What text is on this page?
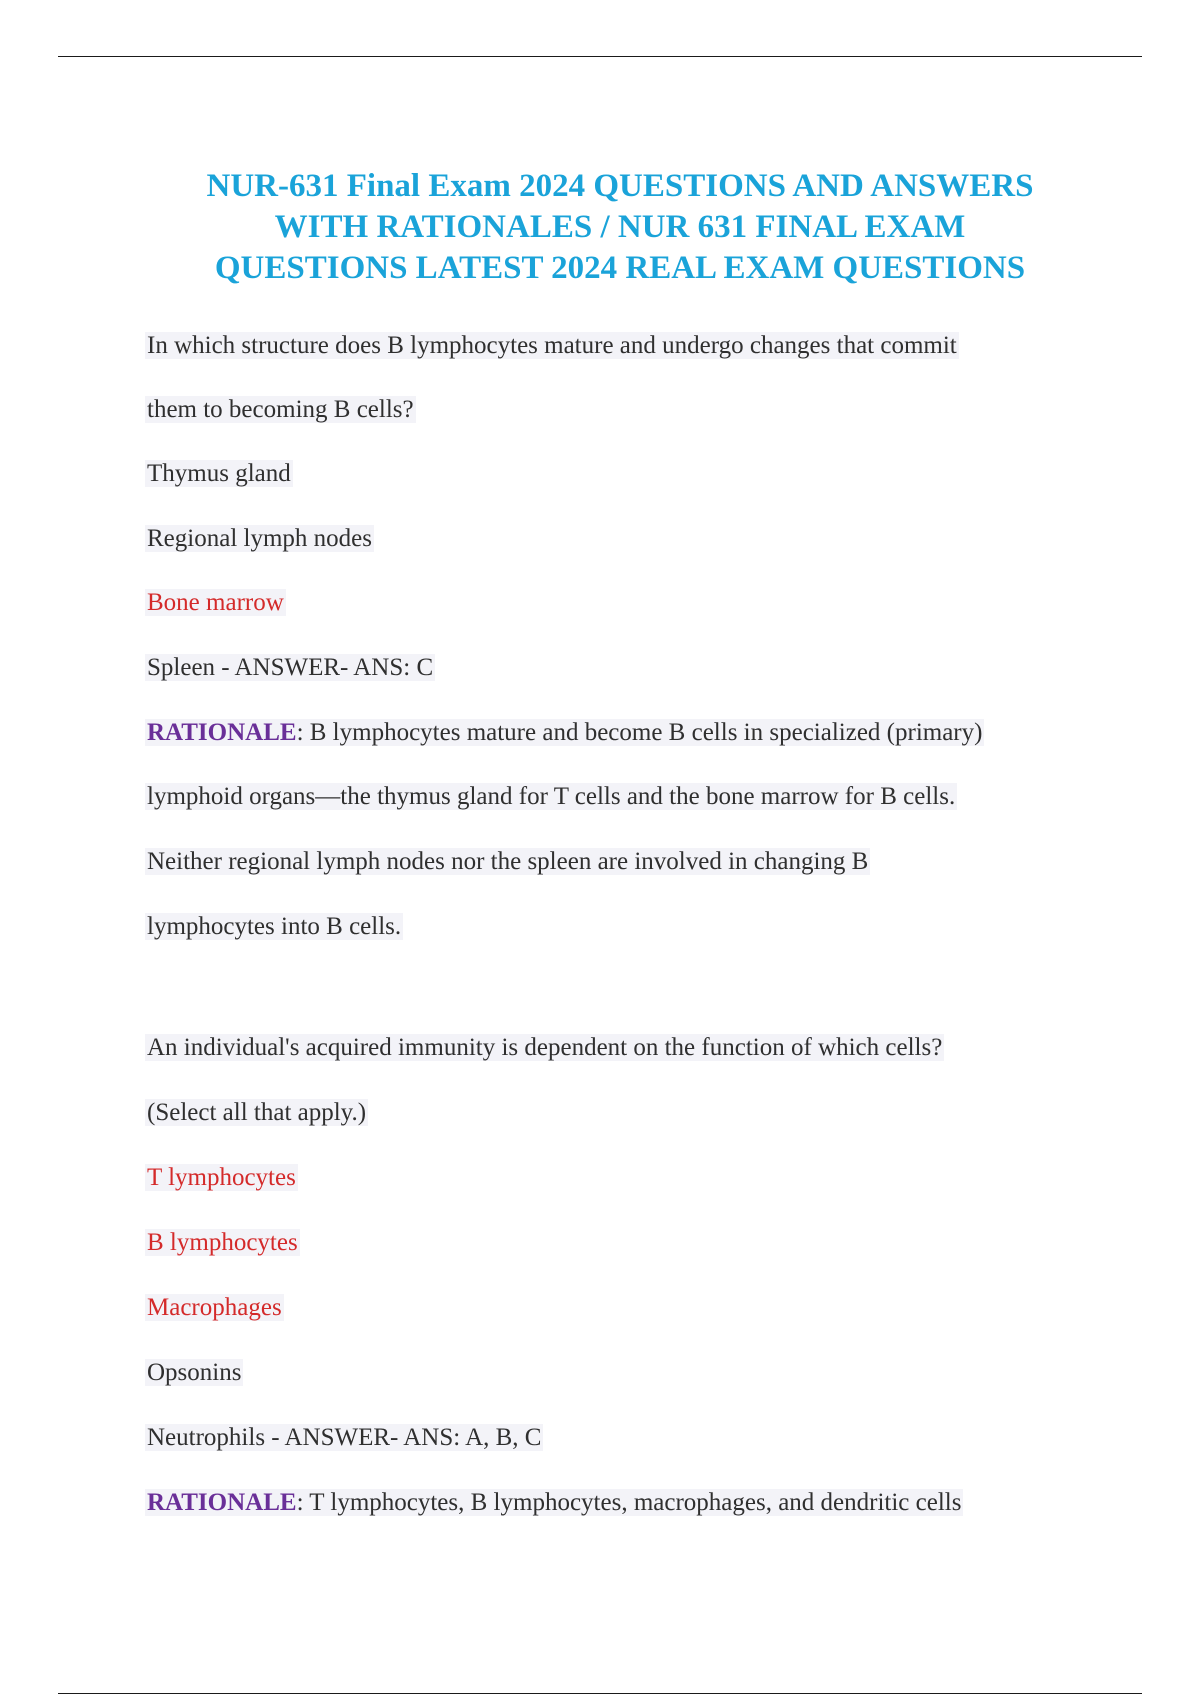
NUR-631 Final Exam 2024 QUESTIONS AND ANSWERS
WITH RATIONALES / NUR 631 FINAL EXAM
QUESTIONS LATEST 2024 REAL EXAM QUESTIONS
In which structure does B lymphocytes mature and undergo changes that commit
them to becoming B cells?
Thymus gland
Regional lymph nodes
Bone marrow
Spleen - ANSWER- ANS: C
RATIONALE: B lymphocytes mature and become B cells in specialized (primary)
lymphoid organs—the thymus gland for T cells and the bone marrow for B cells.
Neither regional lymph nodes nor the spleen are involved in changing B
lymphocytes into B cells.
An individual's acquired immunity is dependent on the function of which cells?
(Select all that apply.)
T lymphocytes
B lymphocytes
Macrophages
Opsonins
Neutrophils - ANSWER- ANS: A, B, C
RATIONALE: T lymphocytes, B lymphocytes, macrophages, and dendritic cells
